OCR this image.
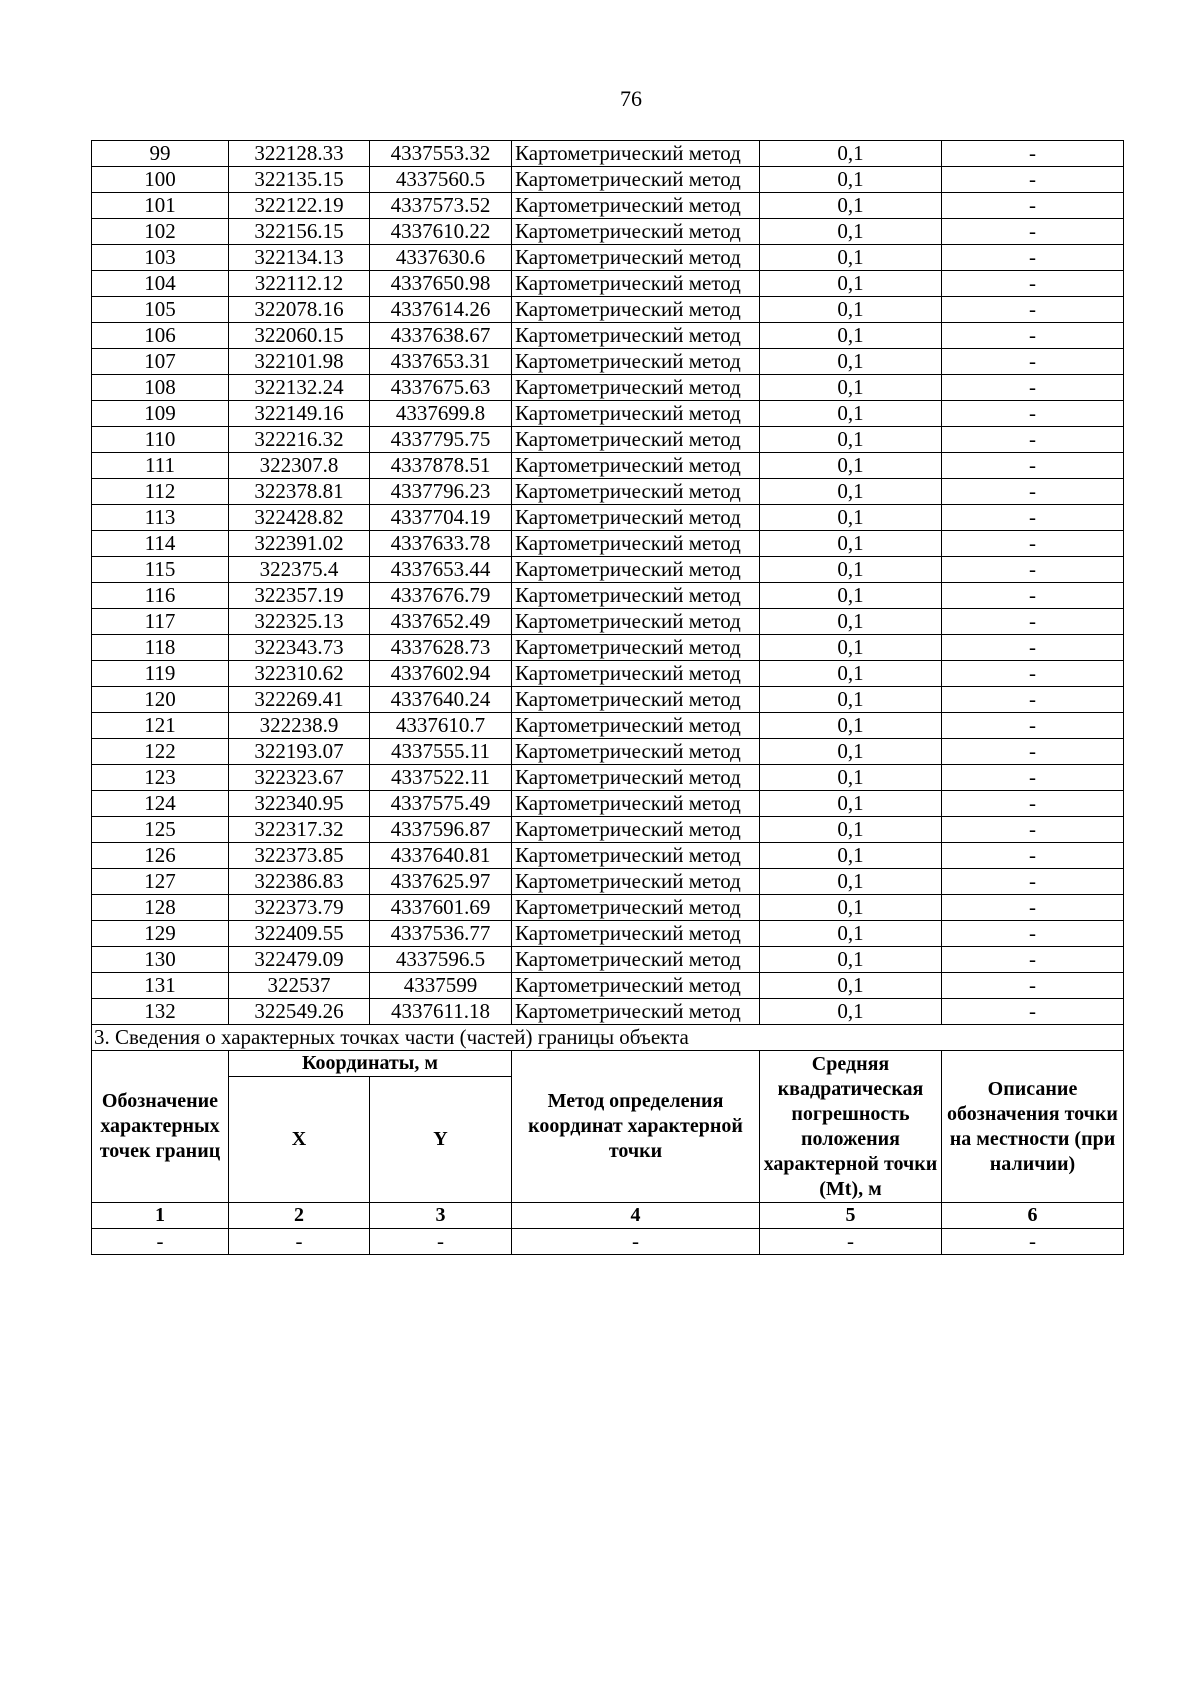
76
99	322128.33	4337553.32	Картометрический метод	0,1	-
100	322135.15	4337560.5	Картометрический метод	0,1	-
101	322122.19	4337573.52	Картометрический метод	0,1	-
102	322156.15	4337610.22	Картометрический метод	0,1	-
103	322134.13	4337630.6	Картометрический метод	0,1	-
104	322112.12	4337650.98	Картометрический метод	0,1	-
105	322078.16	4337614.26	Картометрический метод	0,1	-
106	322060.15	4337638.67	Картометрический метод	0,1	-
107	322101.98	4337653.31	Картометрический метод	0,1	-
108	322132.24	4337675.63	Картометрический метод	0,1	-
109	322149.16	4337699.8	Картометрический метод	0,1	-
110	322216.32	4337795.75	Картометрический метод	0,1	-
111	322307.8	4337878.51	Картометрический метод	0,1	-
112	322378.81	4337796.23	Картометрический метод	0,1	-
113	322428.82	4337704.19	Картометрический метод	0,1	-
114	322391.02	4337633.78	Картометрический метод	0,1	-
115	322375.4	4337653.44	Картометрический метод	0,1	-
116	322357.19	4337676.79	Картометрический метод	0,1	-
117	322325.13	4337652.49	Картометрический метод	0,1	-
118	322343.73	4337628.73	Картометрический метод	0,1	-
119	322310.62	4337602.94	Картометрический метод	0,1	-
120	322269.41	4337640.24	Картометрический метод	0,1	-
121	322238.9	4337610.7	Картометрический метод	0,1	-
122	322193.07	4337555.11	Картометрический метод	0,1	-
123	322323.67	4337522.11	Картометрический метод	0,1	-
124	322340.95	4337575.49	Картометрический метод	0,1	-
125	322317.32	4337596.87	Картометрический метод	0,1	-
126	322373.85	4337640.81	Картометрический метод	0,1	-
127	322386.83	4337625.97	Картометрический метод	0,1	-
128	322373.79	4337601.69	Картометрический метод	0,1	-
129	322409.55	4337536.77	Картометрический метод	0,1	-
130	322479.09	4337596.5	Картометрический метод	0,1	-
131	322537	4337599	Картометрический метод	0,1	-
132	322549.26	4337611.18	Картометрический метод	0,1	-
3. Сведения о характерных точках части (частей) границы объекта					
Обозначение характерных точек границ	Координаты, м		Метод определения координат характерной точки	Средняя квадратическая погрешность положения характерной точки (Mt), м	Описание обозначения точки на местности (при наличии)
	X	Y			
1	2	3	4	5	6
-	-	-	-	-	-
